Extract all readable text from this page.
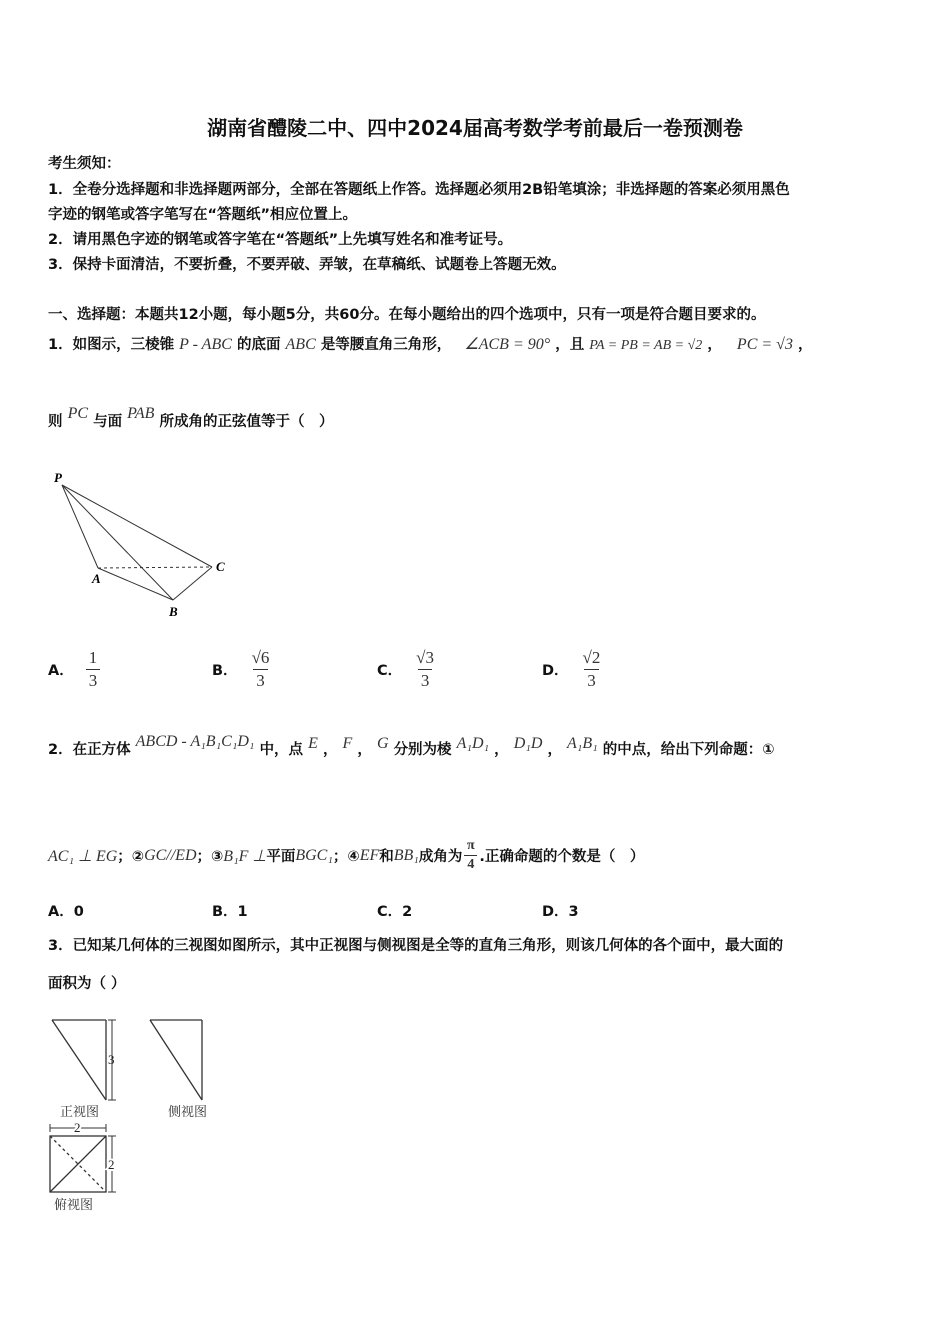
湖南省醴陵二中、四中2024届高考数学考前最后一卷预测卷
考生须知：
1．全卷分选择题和非选择题两部分，全部在答题纸上作答。选择题必须用2B铅笔填涂；非选择题的答案必须用黑色
字迹的钢笔或答字笔写在“答题纸”相应位置上。
2．请用黑色字迹的钢笔或答字笔在“答题纸”上先填写姓名和准考证号。
3．保持卡面清洁，不要折叠，不要弄破、弄皱，在草稿纸、试题卷上答题无效。
一、选择题：本题共12小题，每小题5分，共60分。在每小题给出的四个选项中，只有一项是符合题目要求的。
1．如图示，三棱锥 P - ABC 的底面 ABC 是等腰直角三角形， ∠ACB = 90° ，且 PA = PB = AB = √2 ， PC = √3 ，
则 PC 与面 PAB 所成角的正弦值等于（　）
P
A
B
C
A． $\frac{1}{3}$	B． $\frac{√6}{3}$	C． $\frac{√3}{3}$	D． $\frac{√2}{3}$
2．在正方体 ABCD - A₁B₁C₁D₁ 中，点 E ， F ， G 分别为棱 A₁D₁ ， D₁D ， A₁B₁ 的中点，给出下列命题：①
AC₁ ⊥ EG ；② GC//ED ；③ B₁F ⊥ 平面 BGC₁ ；④ EF 和 BB₁ 成角为 $\frac{\pi}{4}$ .正确命题的个数是（　）
A．0	B．1	C．2	D．3
3．已知某几何体的三视图如图所示，其中正视图与侧视图是全等的直角三角形，则该几何体的各个面中，最大面的
面积为（ ）
3
2
2
正视图	侧视图
俯视图
